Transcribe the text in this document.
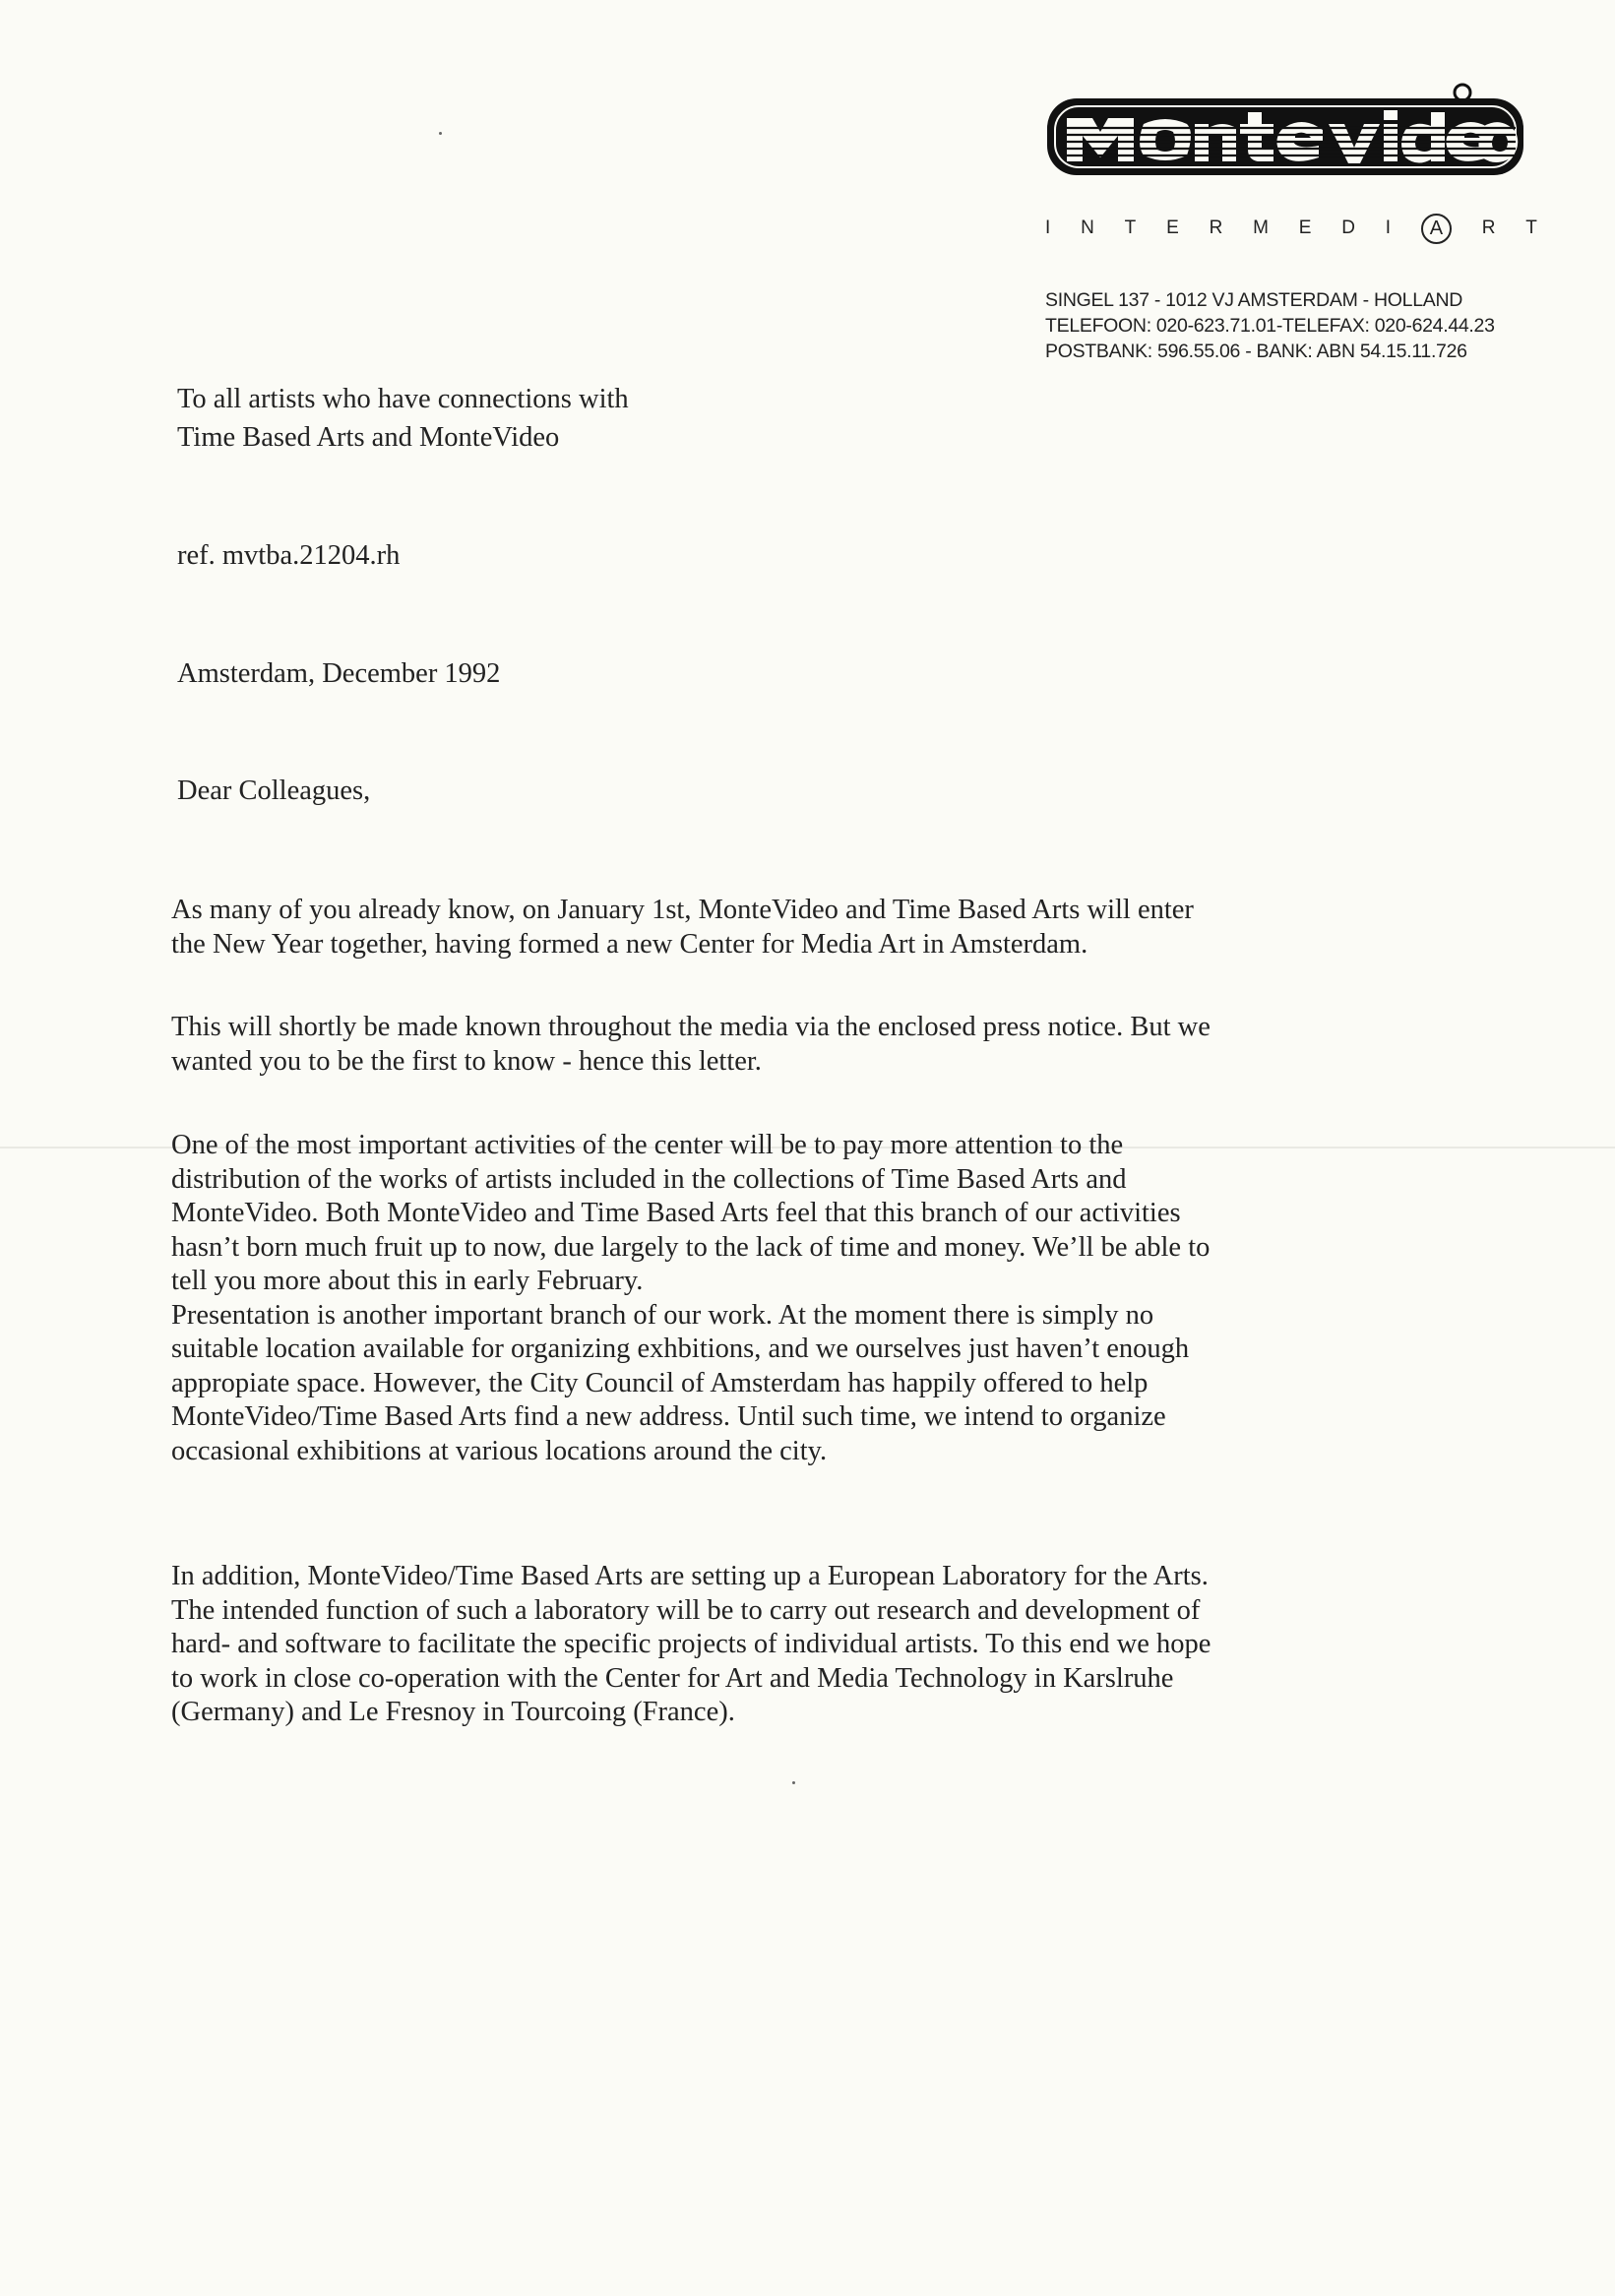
I N T E R M E D I	A	R T
SINGEL 137 - 1012 VJ AMSTERDAM - HOLLAND
TELEFOON: 020-623.71.01-TELEFAX: 020-624.44.23
POSTBANK: 596.55.06 - BANK: ABN 54.15.11.726
To all artists who have connections with
Time Based Arts and MonteVideo
ref. mvtba.21204.rh
Amsterdam, December 1992
Dear Colleagues,
As many of you already know, on January 1st, MonteVideo and Time Based Arts will enter
the New Year together, having formed a new Center for Media Art in Amsterdam.
This will shortly be made known throughout the media via the enclosed press notice. But we
wanted you to be the first to know - hence this letter.
One of the most important activities of the center will be to pay more attention to the
distribution of the works of artists included in the collections of Time Based Arts and
MonteVideo. Both MonteVideo and Time Based Arts feel that this branch of our activities
hasn’t born much fruit up to now, due largely to the lack of time and money. We’ll be able to
tell you more about this in early February.
Presentation is another important branch of our work. At the moment there is simply no
suitable location available for organizing exhbitions, and we ourselves just haven’t enough
appropiate space. However, the City Council of Amsterdam has happily offered to help
MonteVideo/Time Based Arts find a new address. Until such time, we intend to organize
occasional exhibitions at various locations around the city.
In addition, MonteVideo/Time Based Arts are setting up a European Laboratory for the Arts.
The intended function of such a laboratory will be to carry out research and development of
hard- and software to facilitate the specific projects of individual artists. To this end we hope
to work in close co-operation with the Center for Art and Media Technology in Karslruhe
(Germany) and Le Fresnoy in Tourcoing (France).
